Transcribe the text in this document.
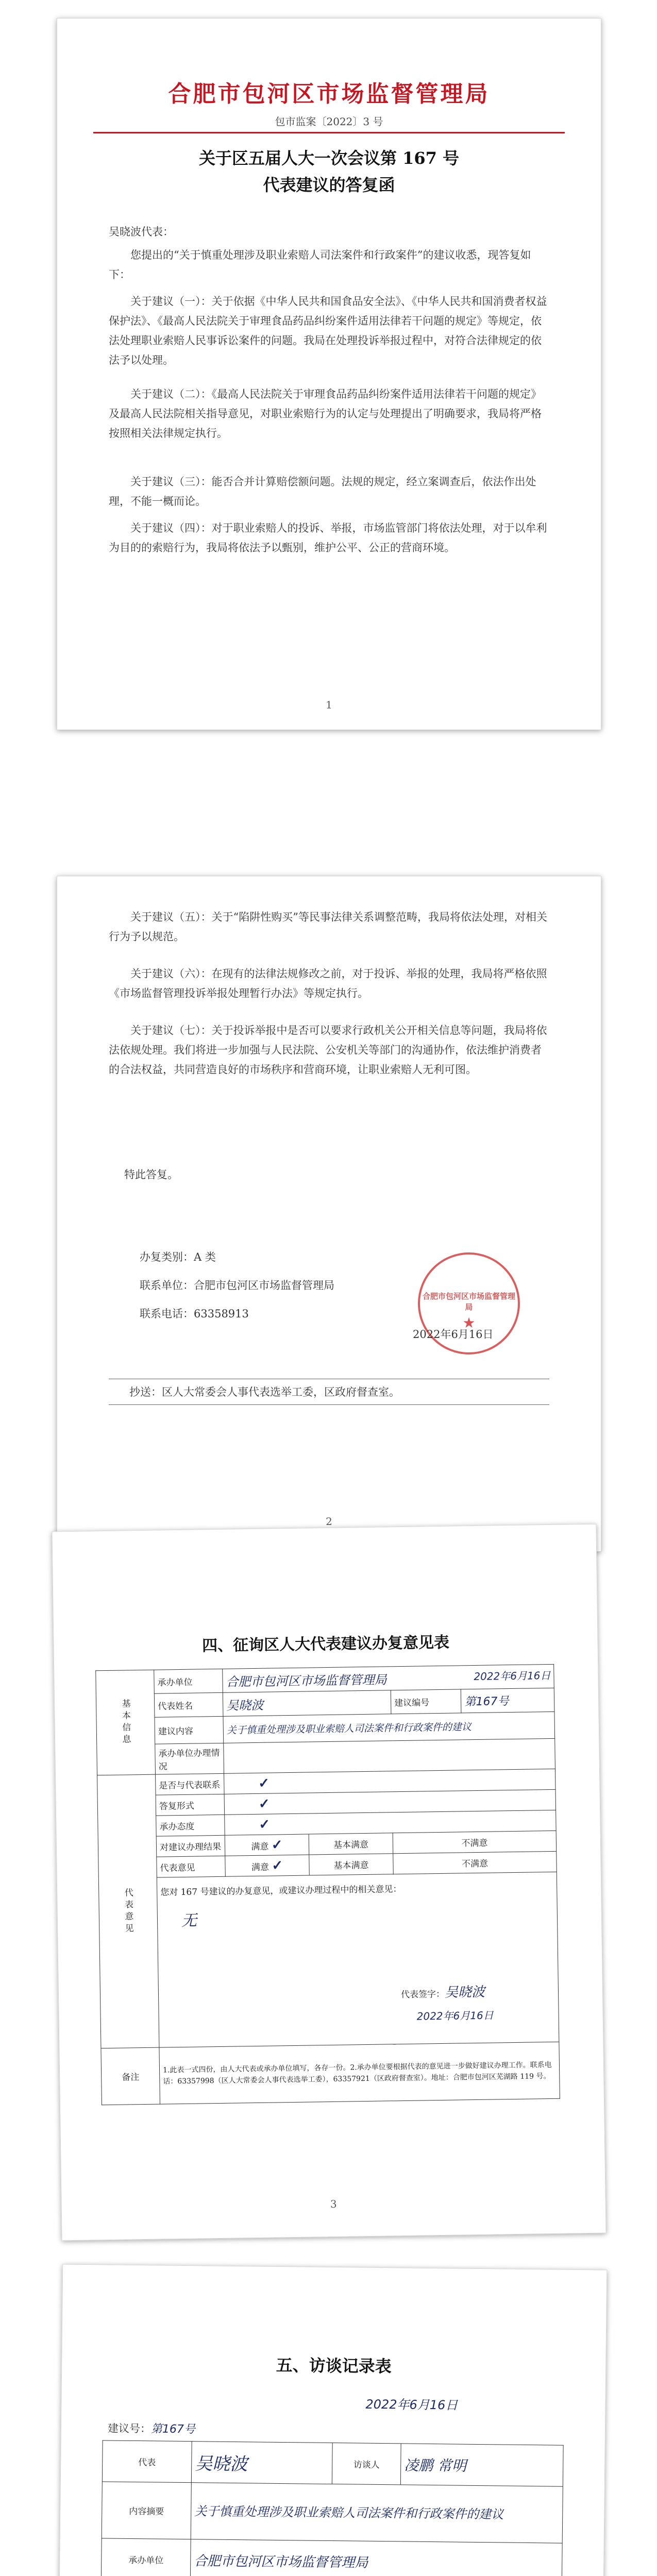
合肥市包河区市场监督管理局
包市监案〔2022〕3 号
关于区五届人大一次会议第 167 号
代表建议的答复函
吴晓波代表：
您提出的“关于慎重处理涉及职业索赔人司法案件和行政案件”的建议收悉，现答复如下：
关于建议（一）：关于依据《中华人民共和国食品安全法》、《中华人民共和国消费者权益保护法》、《最高人民法院关于审理食品药品纠纷案件适用法律若干问题的规定》等规定，依法处理职业索赔人民事诉讼案件的问题。我局在处理投诉举报过程中，对符合法律规定的依法予以处理。
关于建议（二）：《最高人民法院关于审理食品药品纠纷案件适用法律若干问题的规定》及最高人民法院相关指导意见，对职业索赔行为的认定与处理提出了明确要求，我局将严格按照相关法律规定执行。
关于建议（三）：能否合并计算赔偿额问题。法规的规定，经立案调查后，依法作出处理，不能一概而论。
关于建议（四）：对于职业索赔人的投诉、举报，市场监管部门将依法处理，对于以牟利为目的的索赔行为，我局将依法予以甄别，维护公平、公正的营商环境。
1
关于建议（五）：关于“陷阱性购买”等民事法律关系调整范畴，我局将依法处理，对相关行为予以规范。
关于建议（六）：在现有的法律法规修改之前，对于投诉、举报的处理，我局将严格依照《市场监督管理投诉举报处理暂行办法》等规定执行。
关于建议（七）：关于投诉举报中是否可以要求行政机关公开相关信息等问题，我局将依法依规处理。我们将进一步加强与人民法院、公安机关等部门的沟通协作，依法维护消费者的合法权益，共同营造良好的市场秩序和营商环境，让职业索赔人无利可图。
特此答复。
办复类别：A 类
联系单位：合肥市包河区市场监督管理局
联系电话：63358913
合肥市包河区市场监督管理局
★
2022年6月16日
抄送：区人大常委会人事代表选举工委，区政府督查室。
2
四、征询区人大代表建议办复意见表
基本信息	承办单位	合肥市包河区市场监督管理局 2022年6月16日			

	代表姓名	吴晓波		建议编号	第167号
	建议内容	关于慎重处理涉及职业索赔人司法案件和行政案件的建议			
	承办单位办理情况				
代表意见	是否与代表联系	✓			
	答复形式	✓			
	承办态度	✓			
	对建议办理结果	满意 ✓	基本满意	不满意	
	代表意见	满意 ✓	基本满意	不满意	

	您对 167 号建议的办复意见，或建议办理过程中的相关意见：
无
代表签字：吴晓波
2022年6月16日				

备注	1.此表一式四份，由人大代表或承办单位填写，各存一份。2.承办单位要根据代表的意见进一步做好建议办理工作。联系电话：63357998（区人大常委会人事代表选举工委），63357921（区政府督查室）。地址：合肥市包河区芜湖路 119 号。				
3
五、访谈记录表
2022年6月16日
建议号：第167号
代表	吴晓波	访谈人	凌鹏 常明
内容摘要	关于慎重处理涉及职业索赔人司法案件和行政案件的建议		
承办单位	合肥市包河区市场监督管理局		
